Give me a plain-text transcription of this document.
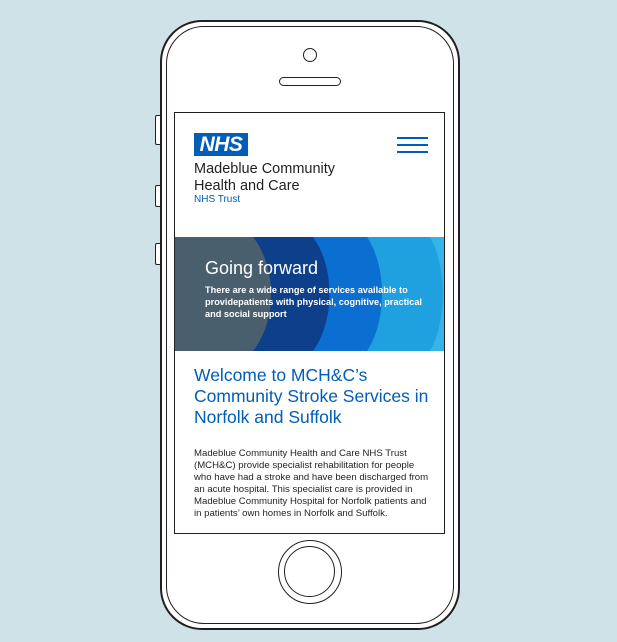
NHS
Madeblue Community
Health and Care
NHS Trust
Going forward
There are a wide range of services available to providepatients with physical, cognitive, practical and social support
Welcome to MCH&C’s Community Stroke Services in Norfolk and Suffolk

Madeblue Community Health and Care NHS Trust (MCH&C) provide specialist rehabilitation for people who have had a stroke and have been discharged from an acute hospital. This specialist care is provided in Madeblue Community Hospital for Norfolk patients and in patients’ own homes in Norfolk and Suffolk.
